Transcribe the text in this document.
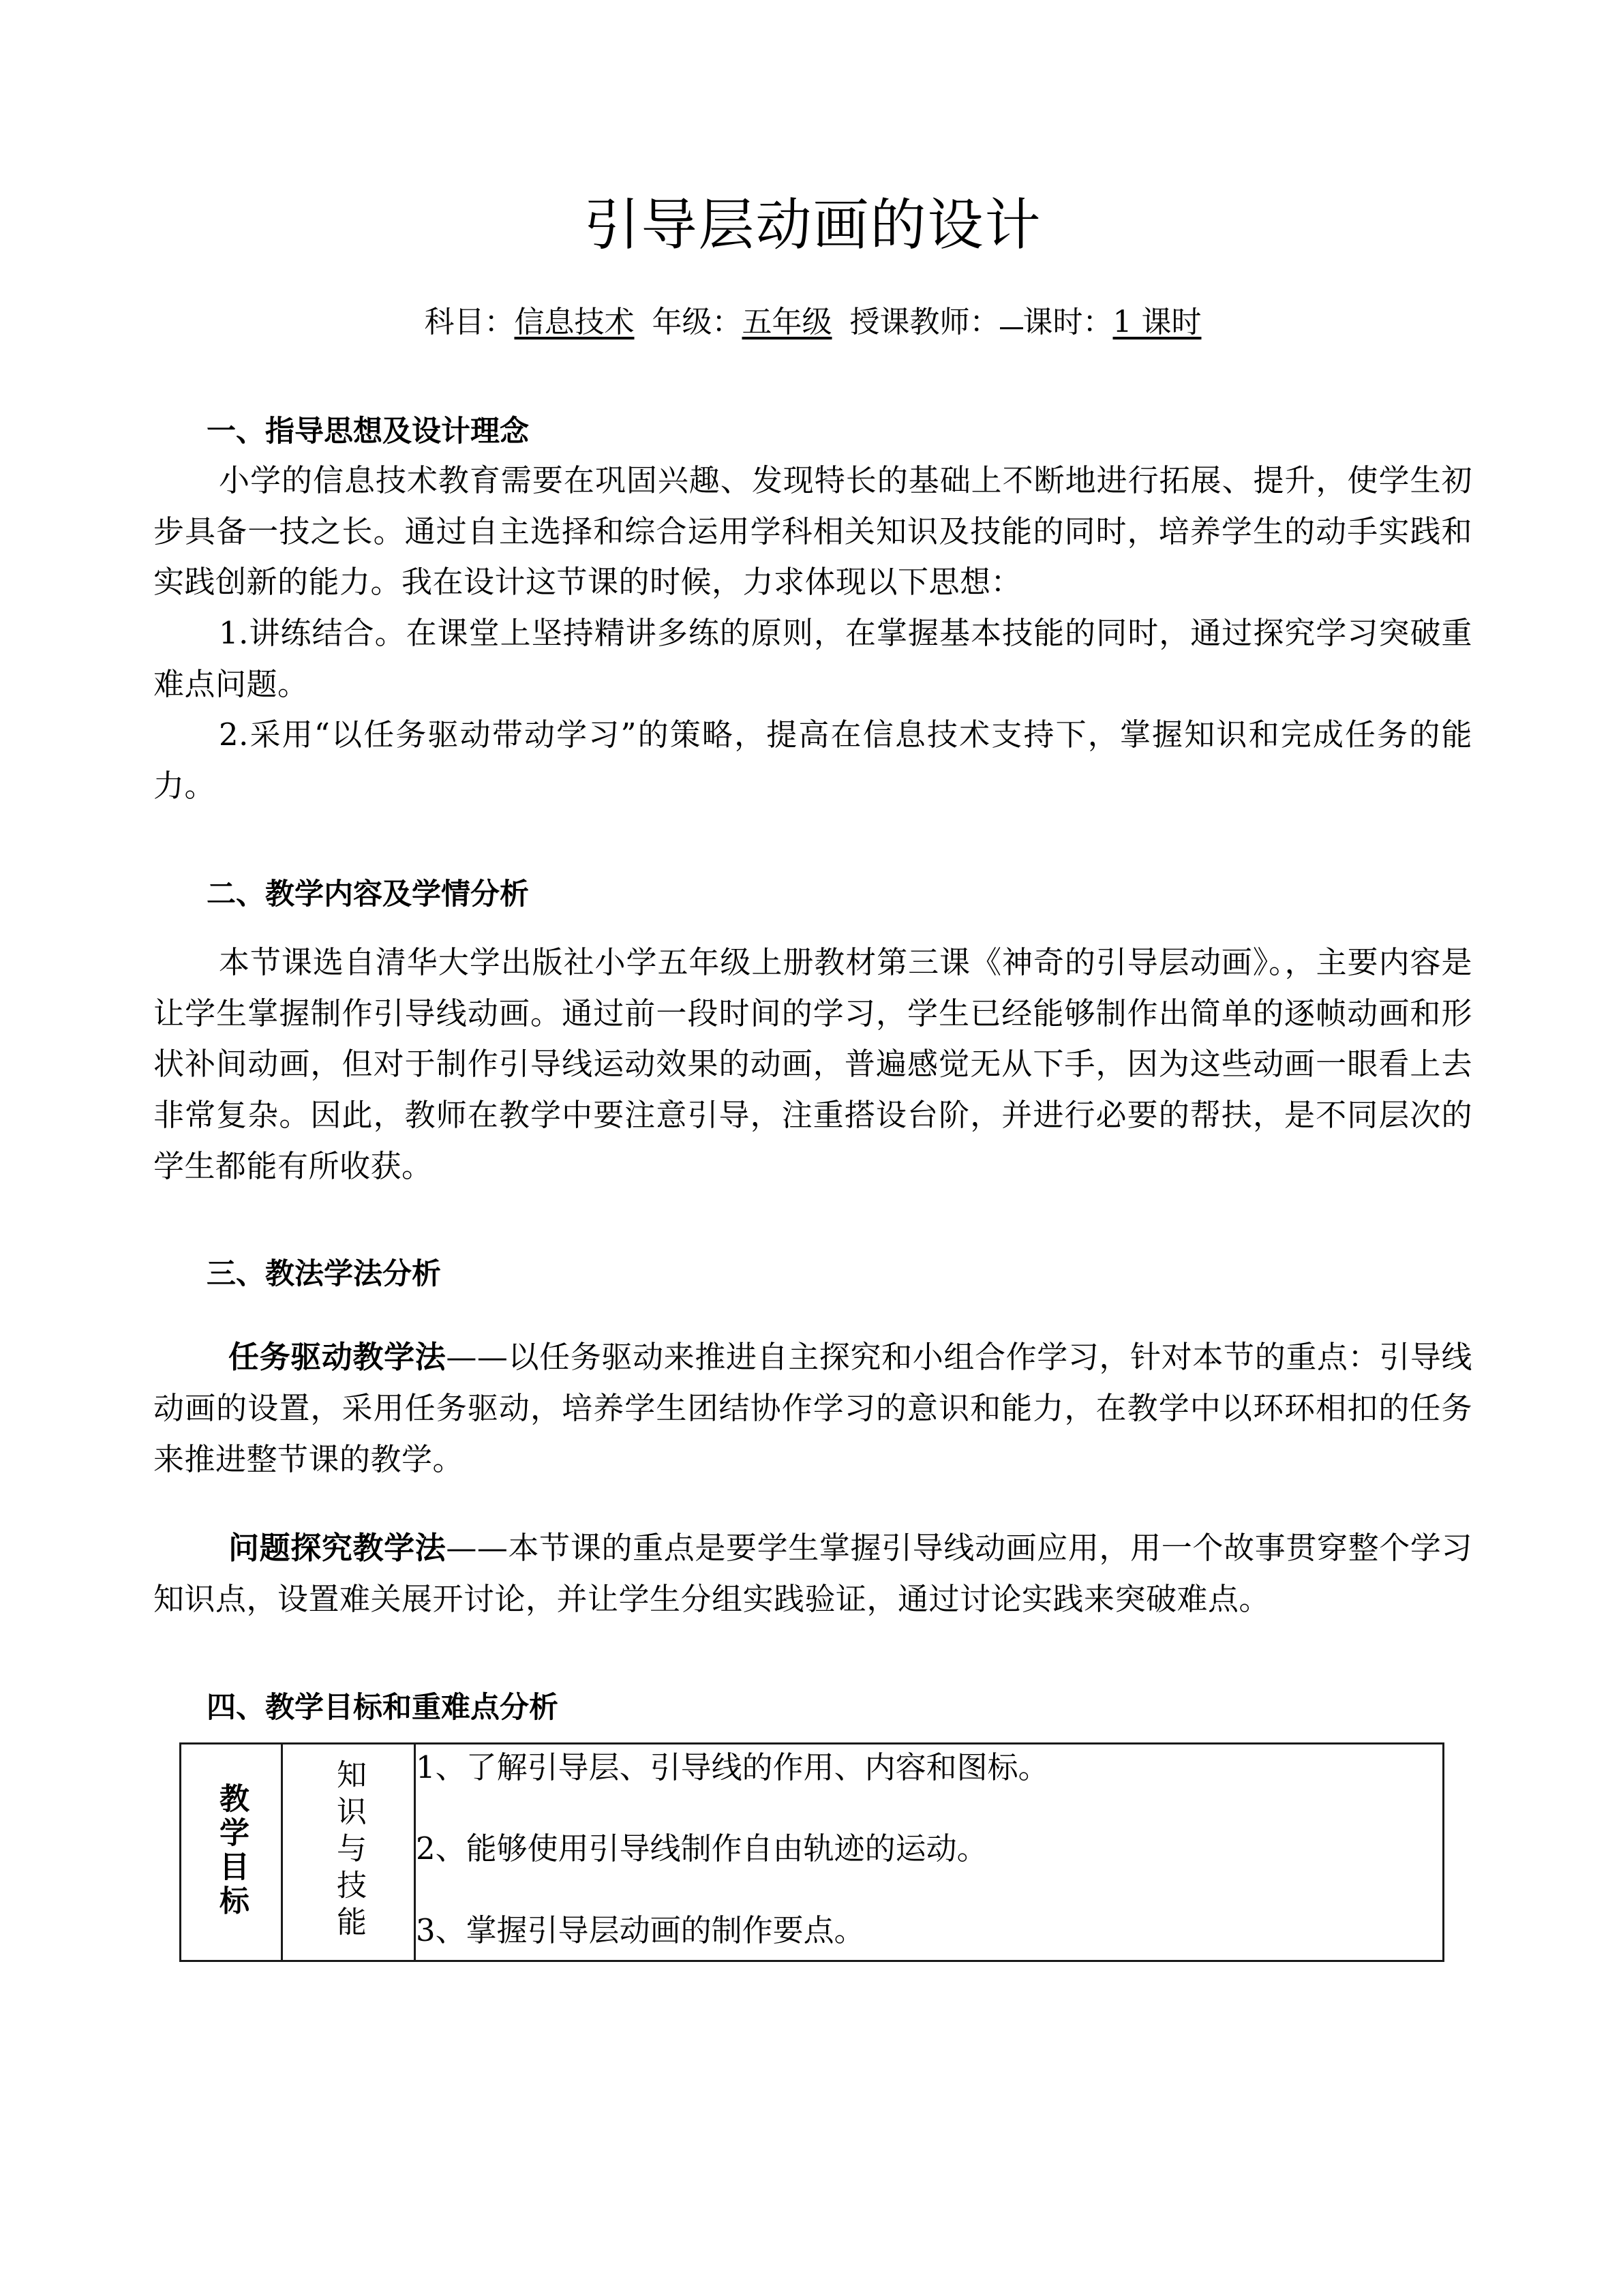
引导层动画的设计
科目：信息技术 年级：五年级 授课教师： 课时：1 课时
一、指导思想及设计理念

小学的信息技术教育需要在巩固兴趣、发现特长的基础上不断地进行拓展、提升，使学生初步具备一技之长。通过自主选择和综合运用学科相关知识及技能的同时，培养学生的动手实践和实践创新的能力。我在设计这节课的时候，力求体现以下思想：

1.讲练结合。在课堂上坚持精讲多练的原则，在掌握基本技能的同时，通过探究学习突破重难点问题。

2.采用“以任务驱动带动学习”的策略，提高在信息技术支持下，掌握知识和完成任务的能力。

二、教学内容及学情分析

本节课选自清华大学出版社小学五年级上册教材第三课《神奇的引导层动画》。，主要内容是让学生掌握制作引导线动画。通过前一段时间的学习，学生已经能够制作出简单的逐帧动画和形状补间动画，但对于制作引导线运动效果的动画，普遍感觉无从下手，因为这些动画一眼看上去非常复杂。因此，教师在教学中要注意引导，注重搭设台阶，并进行必要的帮扶，是不同层次的学生都能有所收获。

三、教法学法分析

任务驱动教学法——以任务驱动来推进自主探究和小组合作学习，针对本节的重点：引导线动画的设置，采用任务驱动，培养学生团结协作学习的意识和能力，在教学中以环环相扣的任务来推进整节课的教学。

问题探究教学法——本节课的重点是要学生掌握引导线动画应用，用一个故事贯穿整个学习知识点，设置难关展开讨论，并让学生分组实践验证，通过讨论实践来突破难点。

四、教学目标和重难点分析
教学目标	知识与技能	1、了解引导层、引导线的作用、内容和图标。

2、能够使用引导线制作自由轨迹的运动。

3、掌握引导层动画的制作要点。
